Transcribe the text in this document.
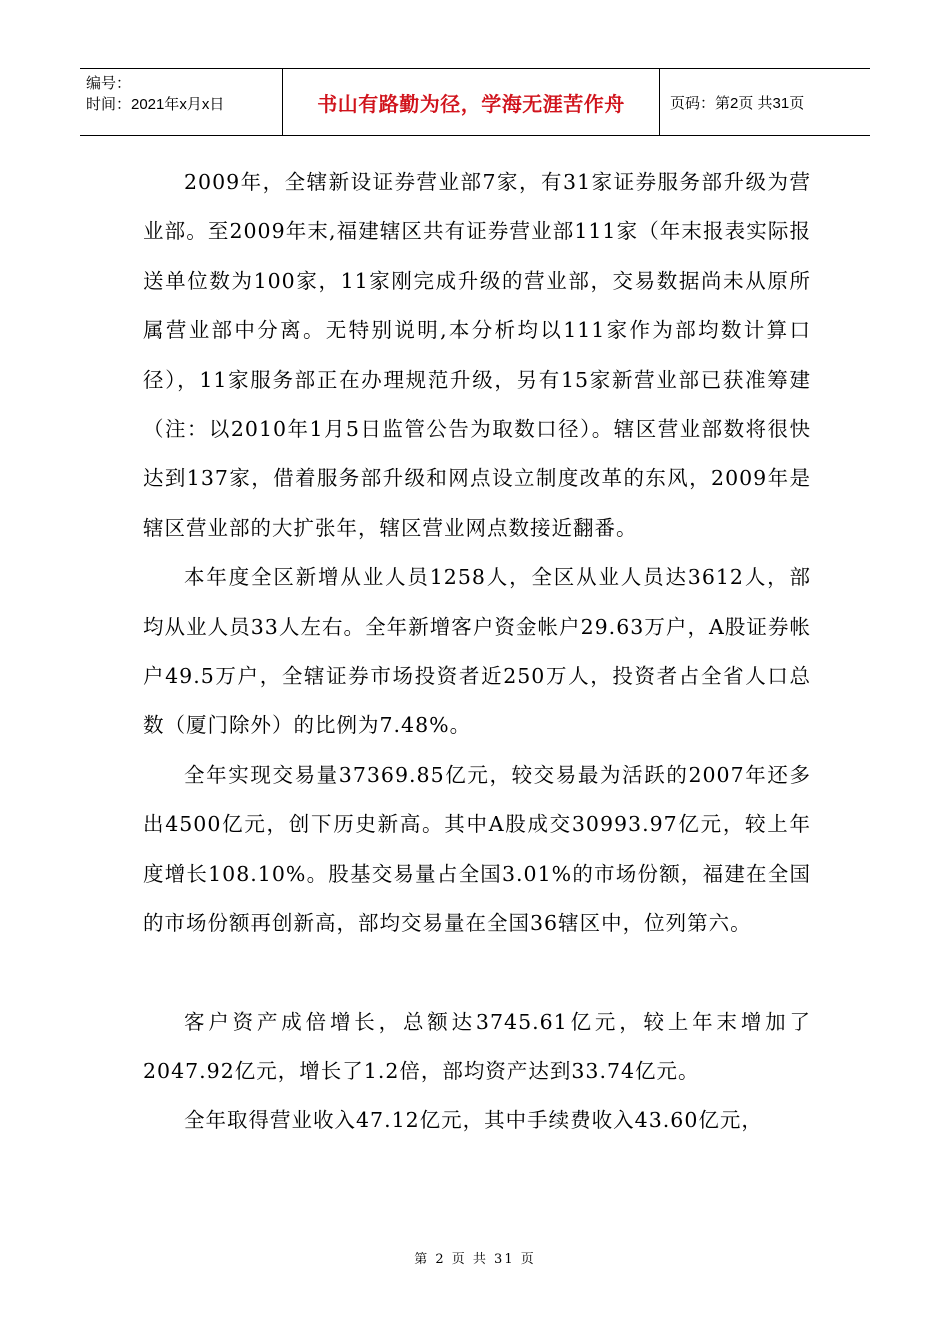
编号：
时间：2021年x月x日	书山有路勤为径，学海无涯苦作舟	页码：第2页 共31页

2009年，全辖新设证券营业部7家，有31家证券服务部升级为营业部。至2009年末,福建辖区共有证券营业部111家（年末报表实际报送单位数为100家，11家刚完成升级的营业部，交易数据尚未从原所属营业部中分离。无特别说明,本分析均以111家作为部均数计算口径），11家服务部正在办理规范升级，另有15家新营业部已获准筹建（注：以2010年1月5日监管公告为取数口径）。辖区营业部数将很快达到137家，借着服务部升级和网点设立制度改革的东风，2009年是辖区营业部的大扩张年，辖区营业网点数接近翻番。

本年度全区新增从业人员1258人，全区从业人员达3612人，部均从业人员33人左右。全年新增客户资金帐户29.63万户，A股证券帐户49.5万户，全辖证券市场投资者近250万人，投资者占全省人口总数（厦门除外）的比例为7.48%。

全年实现交易量37369.85亿元，较交易最为活跃的2007年还多出4500亿元，创下历史新高。其中A股成交30993.97亿元，较上年度增长108.10%。股基交易量占全国3.01%的市场份额，福建在全国的市场份额再创新高，部均交易量在全国36辖区中，位列第六。

客户资产成倍增长，总额达3745.61亿元，较上年末增加了2047.92亿元，增长了1.2倍，部均资产达到33.74亿元。

全年取得营业收入47.12亿元，其中手续费收入43.60亿元，

第 2 页 共 31 页
